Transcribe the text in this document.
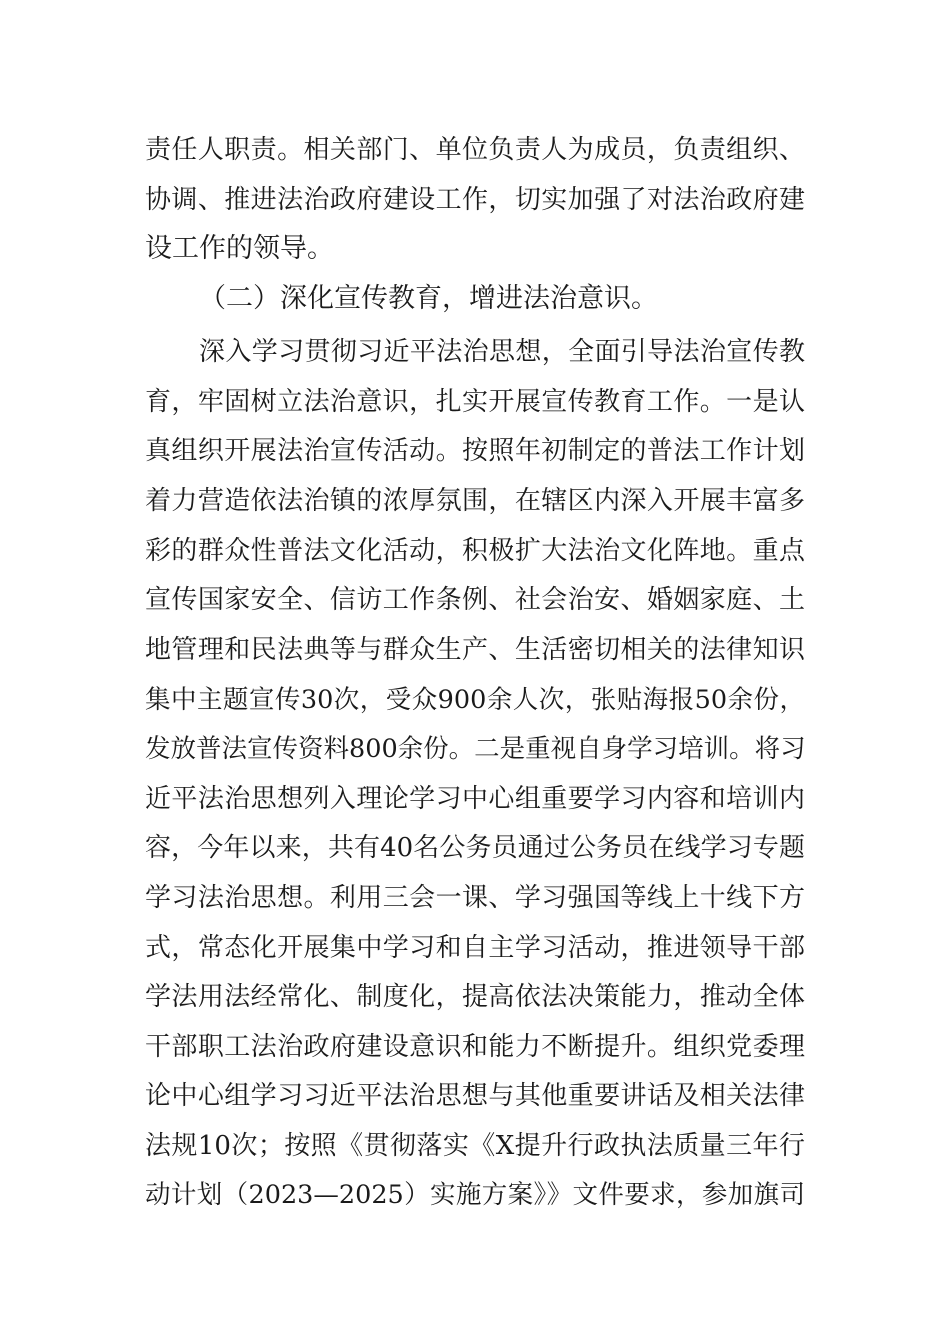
责任人职责。相关部门、单位负责人为成员，负责组织、
协调、推进法治政府建设工作，切实加强了对法治政府建
设工作的领导。
（二）深化宣传教育，增进法治意识。
深入学习贯彻习近平法治思想，全面引导法治宣传教
育，牢固树立法治意识，扎实开展宣传教育工作。一是认
真组织开展法治宣传活动。按照年初制定的普法工作计划
着力营造依法治镇的浓厚氛围，在辖区内深入开展丰富多
彩的群众性普法文化活动，积极扩大法治文化阵地。重点
宣传国家安全、信访工作条例、社会治安、婚姻家庭、土
地管理和民法典等与群众生产、生活密切相关的法律知识
集中主题宣传30次，受众900余人次，张贴海报50余份，
发放普法宣传资料800余份。二是重视自身学习培训。将习
近平法治思想列入理论学习中心组重要学习内容和培训内
容，今年以来，共有40名公务员通过公务员在线学习专题
学习法治思想。利用三会一课、学习强国等线上十线下方
式，常态化开展集中学习和自主学习活动，推进领导干部
学法用法经常化、制度化，提高依法决策能力，推动全体
干部职工法治政府建设意识和能力不断提升。组织党委理
论中心组学习习近平法治思想与其他重要讲话及相关法律
法规10次；按照《贯彻落实《X提升行政执法质量三年行
动计划（2023—2025）实施方案》》文件要求，参加旗司
